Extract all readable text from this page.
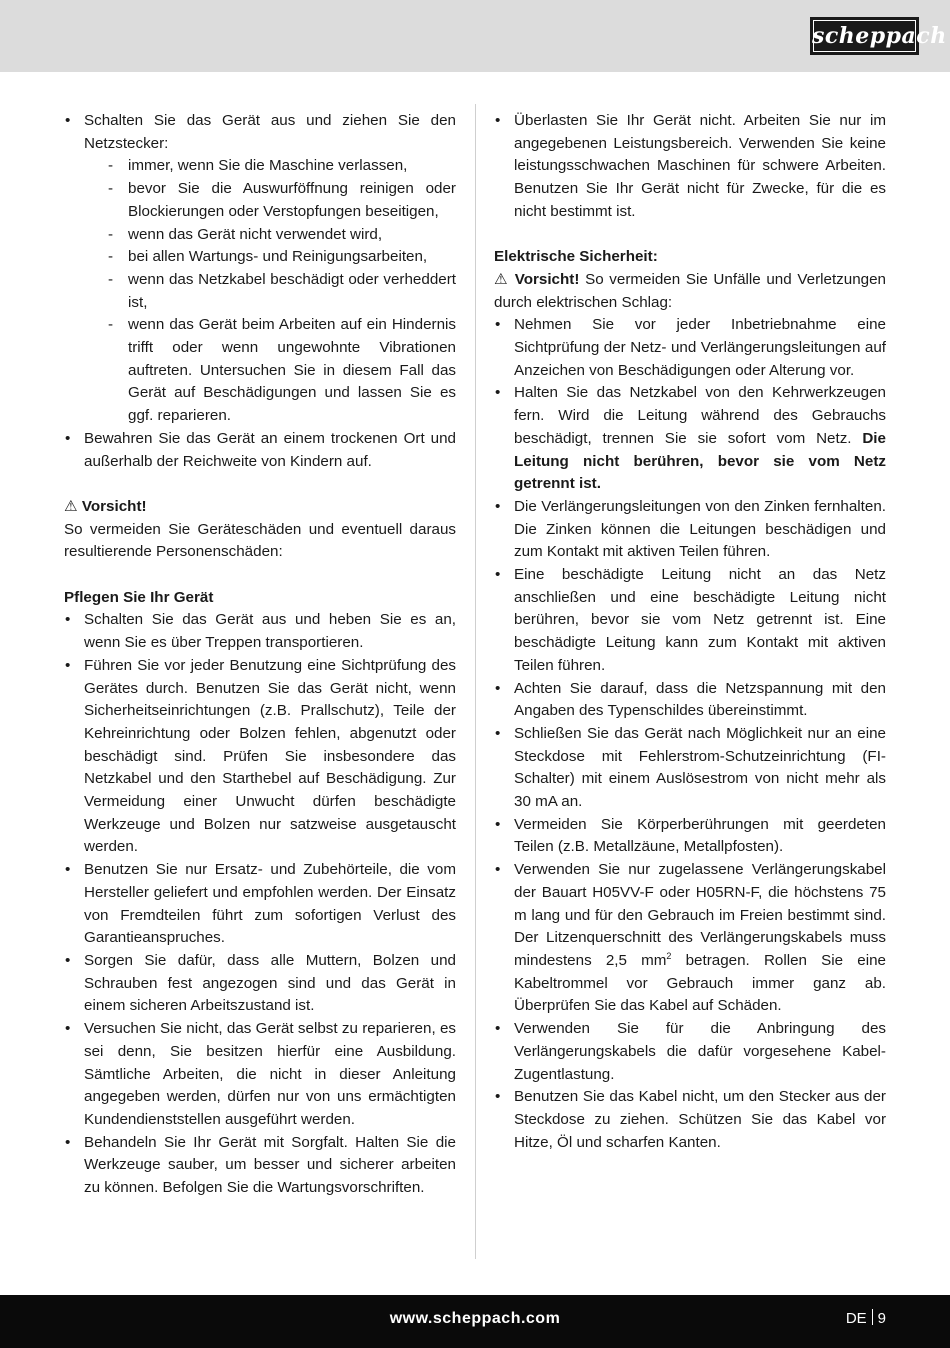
scheppach
• Schalten Sie das Gerät aus und ziehen Sie den Netzstecker:
- immer, wenn Sie die Maschine verlassen,
- bevor Sie die Auswurföffnung reinigen oder Blockierungen oder Verstopfungen beseitigen,
- wenn das Gerät nicht verwendet wird,
- bei allen Wartungs- und Reinigungsarbeiten,
- wenn das Netzkabel beschädigt oder verheddert ist,
- wenn das Gerät beim Arbeiten auf ein Hindernis trifft oder wenn ungewohnte Vibrationen auftreten. Untersuchen Sie in diesem Fall das Gerät auf Beschädigungen und lassen Sie es ggf. reparieren.
• Bewahren Sie das Gerät an einem trockenen Ort und außerhalb der Reichweite von Kindern auf.

⚠ Vorsicht!

So vermeiden Sie Geräteschäden und eventuell daraus resultierende Personenschäden:

Pflegen Sie Ihr Gerät

• Schalten Sie das Gerät aus und heben Sie es an, wenn Sie es über Treppen transportieren.
• Führen Sie vor jeder Benutzung eine Sichtprüfung des Gerätes durch. Benutzen Sie das Gerät nicht, wenn Sicherheitseinrichtungen (z.B. Prallschutz), Teile der Kehreinrichtung oder Bolzen fehlen, abgenutzt oder beschädigt sind. Prüfen Sie insbesondere das Netzkabel und den Starthebel auf Beschädigung. Zur Vermeidung einer Unwucht dürfen beschädigte Werkzeuge und Bolzen nur satzweise ausgetauscht werden.
• Benutzen Sie nur Ersatz- und Zubehörteile, die vom Hersteller geliefert und empfohlen werden. Der Einsatz von Fremdteilen führt zum sofortigen Verlust des Garantieanspruches.
• Sorgen Sie dafür, dass alle Muttern, Bolzen und Schrauben fest angezogen sind und das Gerät in einem sicheren Arbeitszustand ist.
• Versuchen Sie nicht, das Gerät selbst zu reparieren, es sei denn, Sie besitzen hierfür eine Ausbildung. Sämtliche Arbeiten, die nicht in dieser Anleitung angegeben werden, dürfen nur von uns ermächtigten Kundendienststellen ausgeführt werden.
• Behandeln Sie Ihr Gerät mit Sorgfalt. Halten Sie die Werkzeuge sauber, um besser und sicherer arbeiten zu können. Befolgen Sie die Wartungsvorschriften.
• Überlasten Sie Ihr Gerät nicht. Arbeiten Sie nur im angegebenen Leistungsbereich. Verwenden Sie keine leistungsschwachen Maschinen für schwere Arbeiten. Benutzen Sie Ihr Gerät nicht für Zwecke, für die es nicht bestimmt ist.

Elektrische Sicherheit:

⚠ Vorsicht! So vermeiden Sie Unfälle und Verletzungen durch elektrischen Schlag:

• Nehmen Sie vor jeder Inbetriebnahme eine Sichtprüfung der Netz- und Verlängerungsleitungen auf Anzeichen von Beschädigungen oder Alterung vor.
• Halten Sie das Netzkabel von den Kehrwerkzeugen fern. Wird die Leitung während des Gebrauchs beschädigt, trennen Sie sie sofort vom Netz. Die Leitung nicht berühren, bevor sie vom Netz getrennt ist.
• Die Verlängerungsleitungen von den Zinken fernhalten. Die Zinken können die Leitungen beschädigen und zum Kontakt mit aktiven Teilen führen.
• Eine beschädigte Leitung nicht an das Netz anschließen und eine beschädigte Leitung nicht berühren, bevor sie vom Netz getrennt ist. Eine beschädigte Leitung kann zum Kontakt mit aktiven Teilen führen.
• Achten Sie darauf, dass die Netzspannung mit den Angaben des Typenschildes übereinstimmt.
• Schließen Sie das Gerät nach Möglichkeit nur an eine Steckdose mit Fehlerstrom-Schutzeinrichtung (FI-Schalter) mit einem Auslösestrom von nicht mehr als 30 mA an.
• Vermeiden Sie Körperberührungen mit geerdeten Teilen (z.B. Metallzäune, Metallpfosten).
• Verwenden Sie nur zugelassene Verlängerungskabel der Bauart H05VV-F oder H05RN-F, die höchstens 75 m lang und für den Gebrauch im Freien bestimmt sind. Der Litzenquerschnitt des Verlängerungskabels muss mindestens 2,5 $mm^2$ betragen. Rollen Sie eine Kabeltrommel vor Gebrauch immer ganz ab. Überprüfen Sie das Kabel auf Schäden.
• Verwenden Sie für die Anbringung des Verlängerungskabels die dafür vorgesehene Kabel-Zugentlastung.
• Benutzen Sie das Kabel nicht, um den Stecker aus der Steckdose zu ziehen. Schützen Sie das Kabel vor Hitze, Öl und scharfen Kanten.
www.scheppach.com	DE 9
